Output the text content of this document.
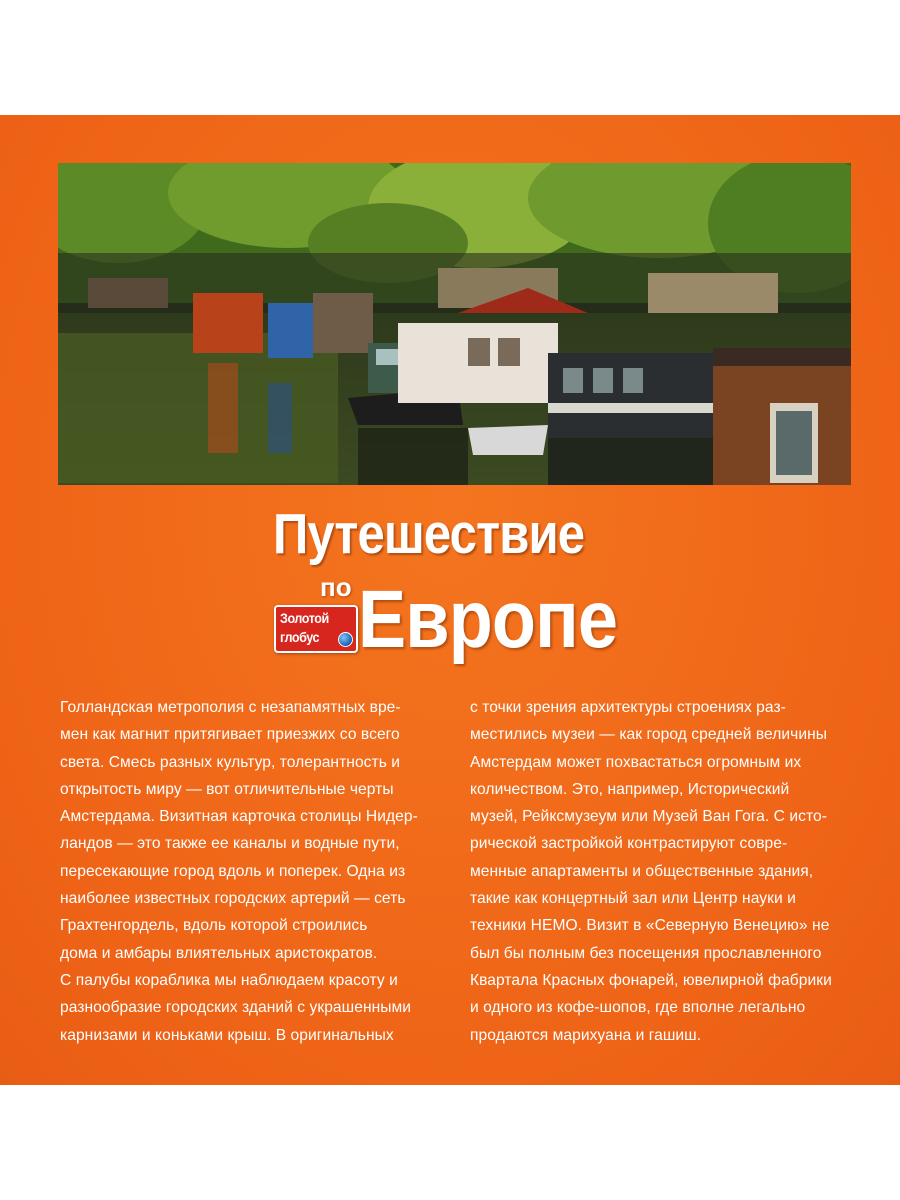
Путешествие
по Европе
Золотой
глобус
Голландская метрополия с незапамятных вре-
мен как магнит притягивает приезжих со всего
света. Смесь разных культур, толерантность и
открытость миру — вот отличительные черты
Амстердама. Визитная карточка столицы Нидер-
ландов — это также ее каналы и водные пути,
пересекающие город вдоль и поперек. Одна из
наиболее известных городских артерий — сеть
Грахтенгордель, вдоль которой строились
дома и амбары влиятельных аристократов.
С палубы кораблика мы наблюдаем красоту и
разнообразие городских зданий с украшенными
карнизами и коньками крыш. В оригинальных
с точки зрения архитектуры строениях раз-
местились музеи — как город средней величины
Амстердам может похвастаться огромным их
количеством. Это, например, Исторический
музей, Рейксмузеум или Музей Ван Гога. С исто-
рической застройкой контрастируют совре-
менные апартаменты и общественные здания,
такие как концертный зал или Центр науки и
техники НЕМО. Визит в «Северную Венецию» не
был бы полным без посещения прославленного
Квартала Красных фонарей, ювелирной фабрики
и одного из кофе-шопов, где вполне легально
продаются марихуана и гашиш.
